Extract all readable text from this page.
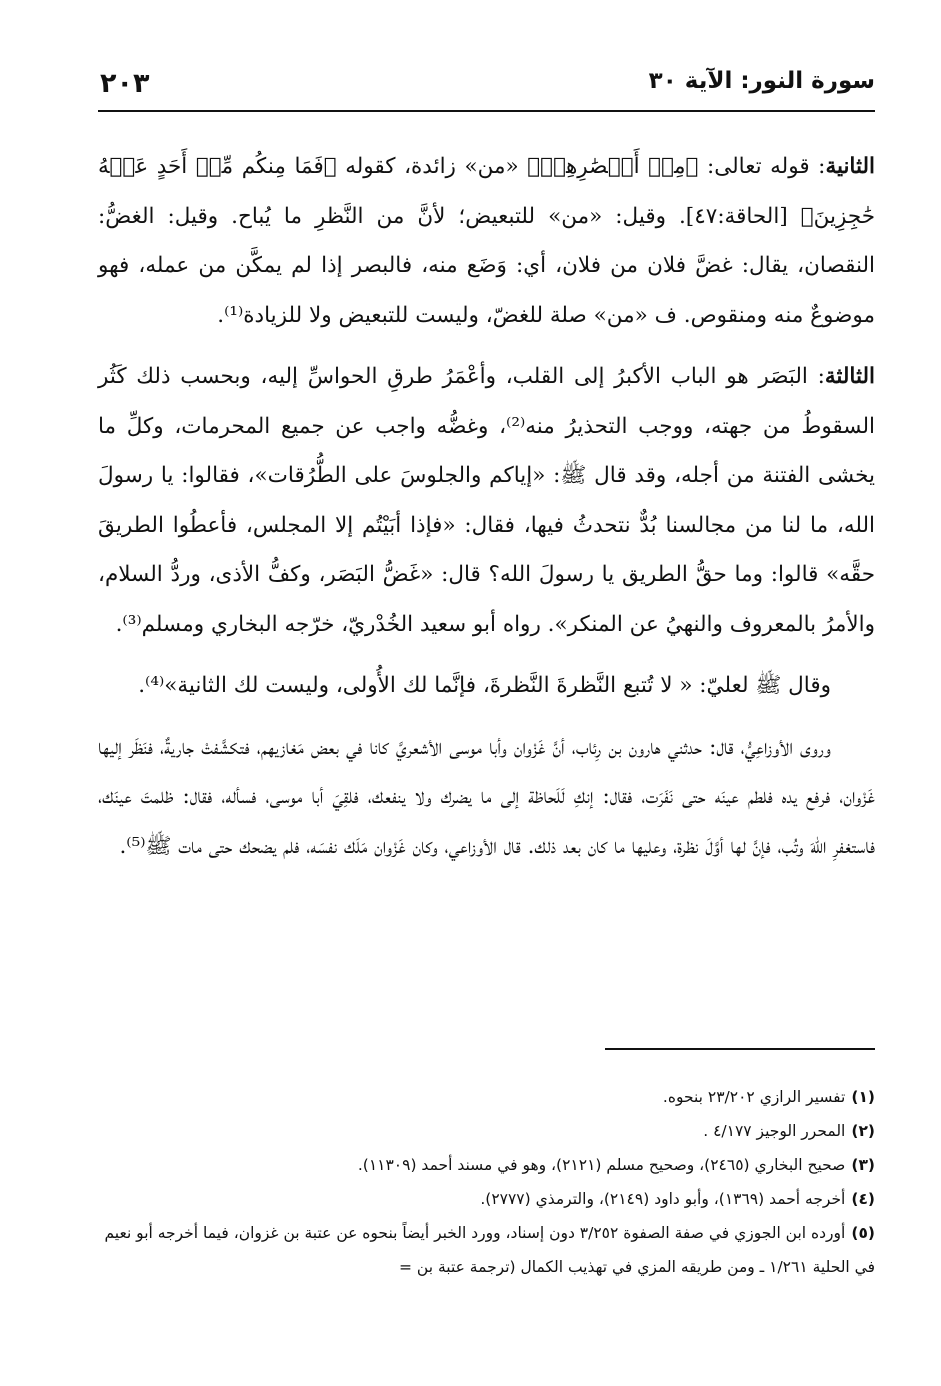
سورة النور: الآية ٣٠
٢٠٣

الثانية: قوله تعالى: ﴿مِنۡ أَبۡصَٰرِهِمۡ﴾ «من» زائدة، كقوله ﴿فَمَا مِنكُم مِّنۡ أَحَدٍ عَنۡهُ حَٰجِزِينَ﴾ [الحاقة:٤٧]. وقيل: «من» للتبعيض؛ لأنَّ من النَّظرِ ما يُباح. وقيل: الغضُّ: النقصان، يقال: غضَّ فلان من فلان، أي: وَضَع منه، فالبصر إذا لم يمكَّن من عمله، فهو موضوعٌ منه ومنقوص. ف «من» صلة للغضّ، وليست للتبعيض ولا للزيادة⁽¹⁾.

الثالثة: البَصَر هو الباب الأكبرُ إلى القلب، وأعْمَرُ طرقِ الحواسِّ إليه، وبحسب ذلك كَثُر السقوطُ من جهته، ووجب التحذيرُ منه⁽²⁾، وغضُّه واجب عن جميع المحرمات، وكلِّ ما يخشى الفتنة من أجله، وقد قال ﷺ: «إياكم والجلوسَ على الطُّرُقات»، فقالوا: يا رسولَ الله، ما لنا من مجالسنا بُدٌّ نتحدثُ فيها، فقال: «فإذا أبَيْتُم إلا المجلس، فأعطُوا الطريقَ حقَّه» قالوا: وما حقُّ الطريق يا رسولَ الله؟ قال: «غَضُّ البَصَر، وكفُّ الأذى، وردُّ السلام، والأمرُ بالمعروف والنهيُ عن المنكر». رواه أبو سعيد الخُدْريّ، خرّجه البخاري ومسلم⁽³⁾.

وقال ﷺ لعليّ: « لا تُتبع النَّظرةَ النَّظرةَ، فإنَّما لك الأُولى، وليست لك الثانية»⁽⁴⁾.

وروى الأوزاعِيُّ، قال: حدثني هارون بن رِئاب، أنَّ غَزْوان وأبا موسى الأشعريَّ كانا في بعض مَغازيهم، فتكشَّفتْ جاريةٌ، فنَظَر إليها غَزْوان، فرفع يده فلطم عينَه حتى نَفَرَت، فقال: إنكِ لَلَحاظة إلى ما يضرك ولا ينفعك، فلقِيَ أبا موسى، فسأله، فقال: ظلمتَ عينَك، فاستغفرِ اللهَ وتُب، فإنَّ لها أوَّلَ نظرة، وعليها ما كان بعد ذلك. قال الأوزاعي، وكان غَزْوان مَلَك نفسَه، فلم يضحك حتى مات ﷺ⁽⁵⁾.

(١)تفسير الرازي ٢٣/٢٠٢ بنحوه.

(٢)المحرر الوجيز ٤/١٧٧ .

(٣)صحيح البخاري (٢٤٦٥)، وصحيح مسلم (٢١٢١)، وهو في مسند أحمد (١١٣٠٩).

(٤)أخرجه أحمد (١٣٦٩)، وأبو داود (٢١٤٩)، والترمذي (٢٧٧٧).

(٥)أورده ابن الجوزي في صفة الصفوة ٣/٢٥٢ دون إسناد، وورد الخبر أيضاً بنحوه عن عتبة بن غزوان، فيما أخرجه أبو نعيم في الحلية ١/٢٦١ ـ ومن طريقه المزي في تهذيب الكمال (ترجمة عتبة بن =
